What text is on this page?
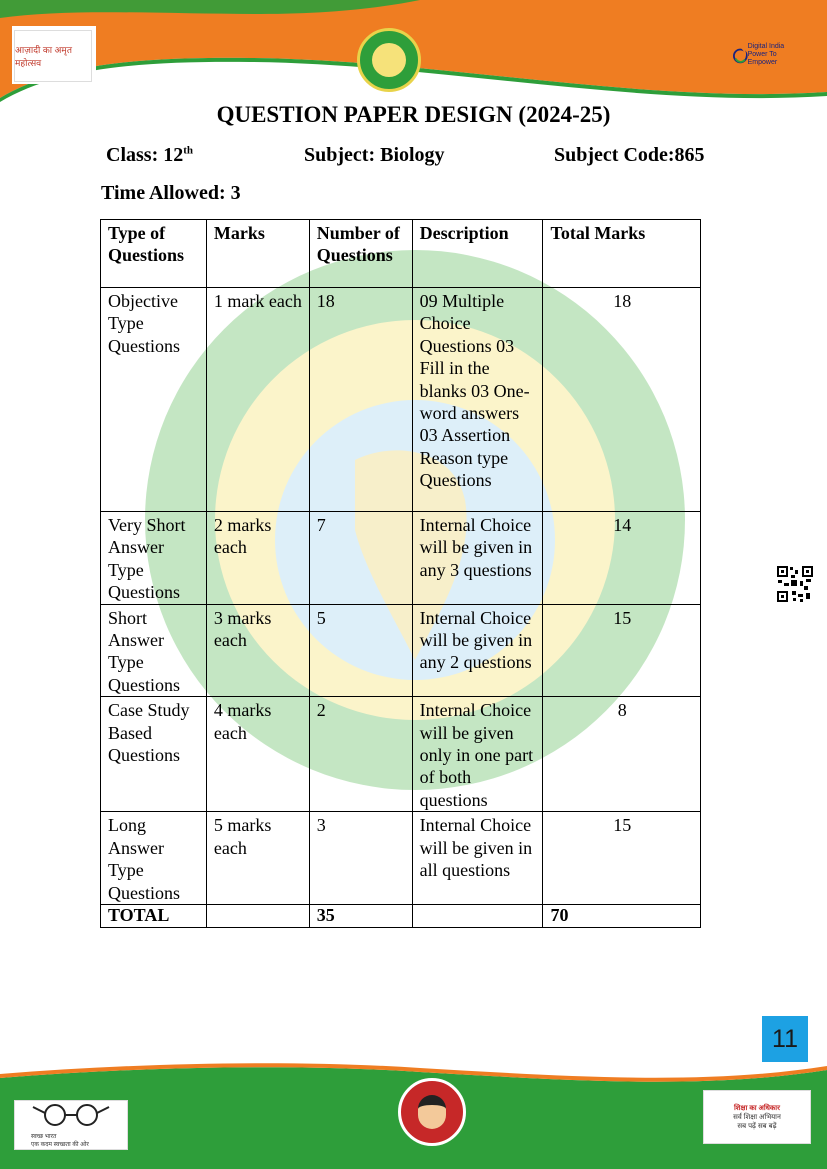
आज़ादी का अमृत महोत्सव
Digital India
Power To Empower
QUESTION PAPER DESIGN (2024-25)
Class: 12th	Subject: Biology	Subject Code:865
Time Allowed: 3
Type of Questions	Marks	Number of Questions	Description	Total Marks
Objective Type Questions	1 mark each	18	09 Multiple Choice Questions 03 Fill in the blanks 03 One-word answers 03 Assertion Reason type Questions	18
Very Short Answer Type Questions	2 marks each	7	Internal Choice will be given in any 3 questions	14
Short Answer Type Questions	3 marks each	5	Internal Choice will be given in any 2 questions	15
Case Study Based Questions	4 marks each	2	Internal Choice will be given only in one part of both questions	8
Long Answer Type Questions	5 marks each	3	Internal Choice will be given in all questions	15
TOTAL		35		70
11
स्वच्छ भारत
एक कदम स्वच्छता की ओर
शिक्षा का अधिकार
सर्व शिक्षा अभियान
सब पढ़ें सब बढ़ें
